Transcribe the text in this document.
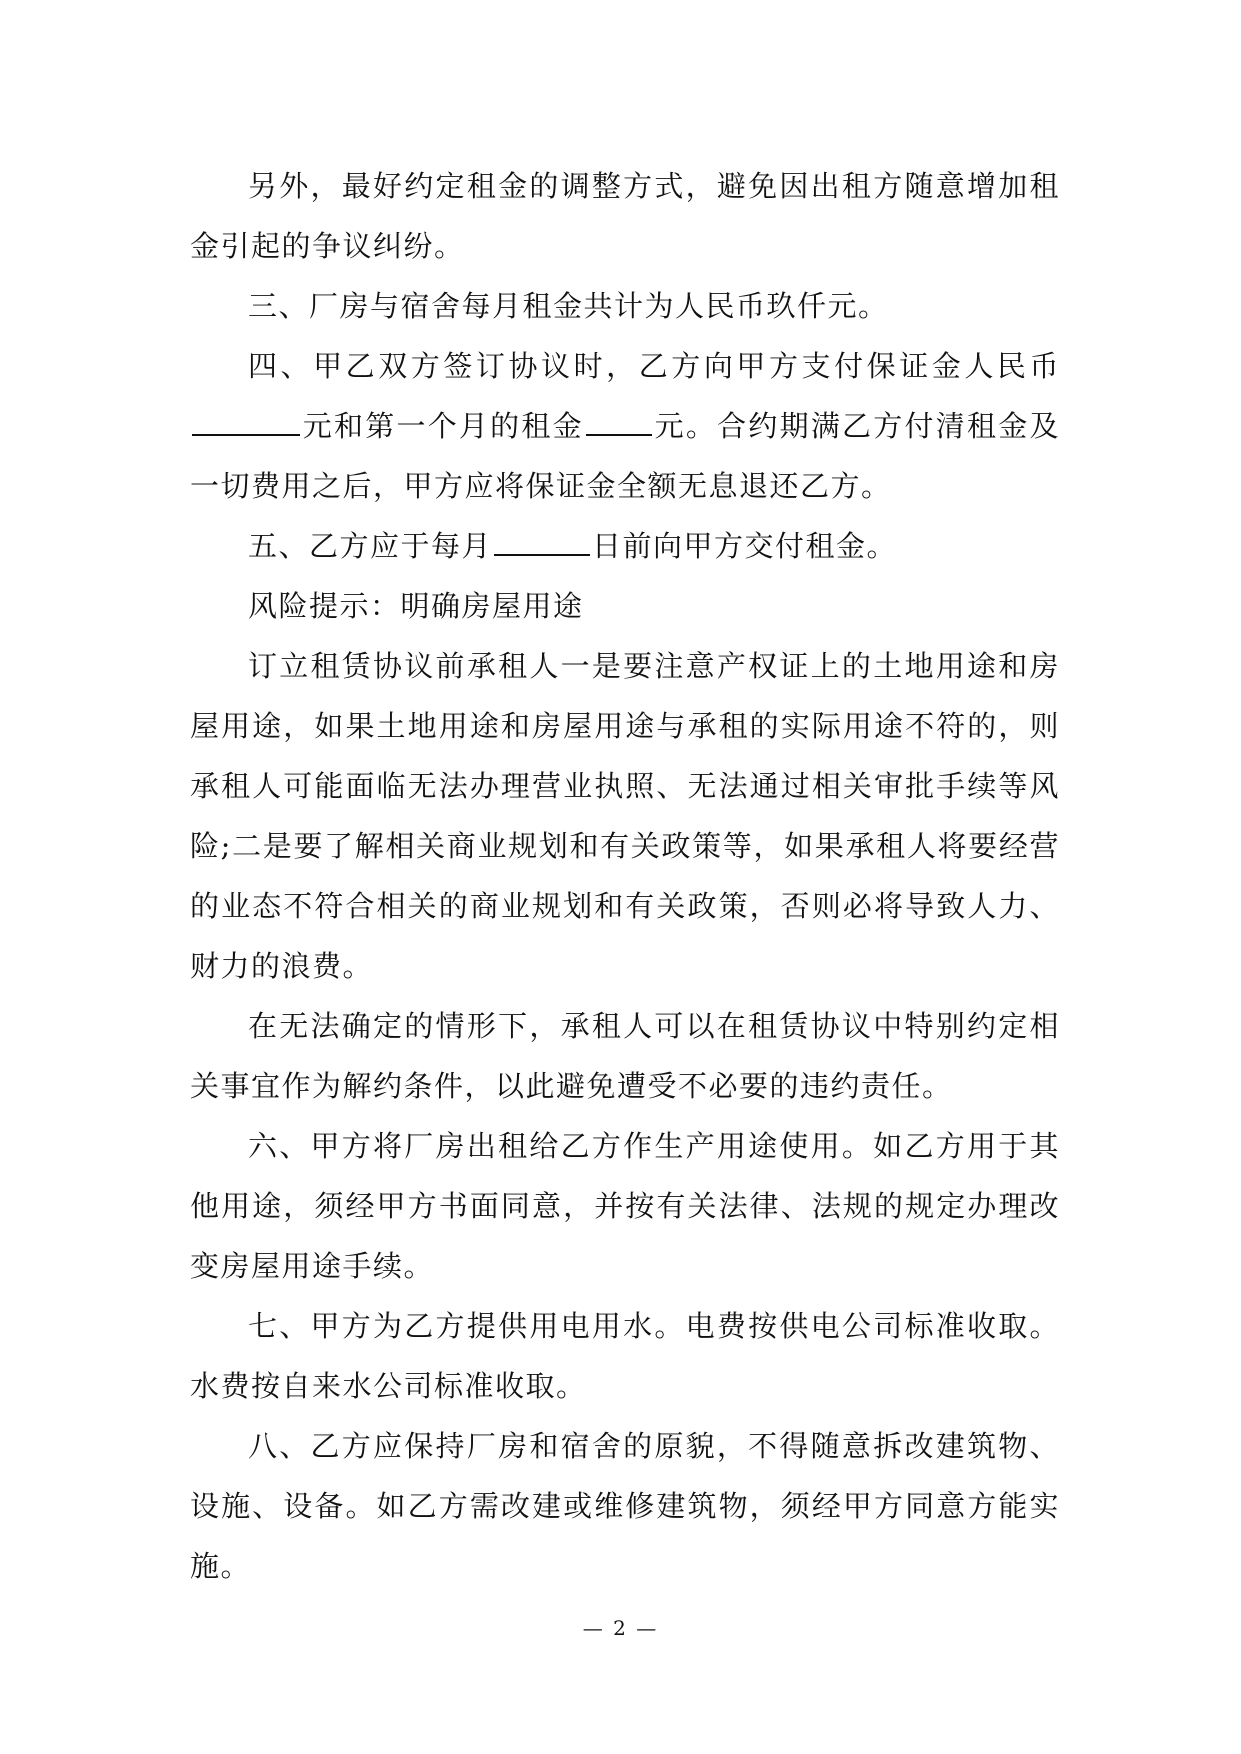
另外，最好约定租金的调整方式，避免因出租方随意增加租金引起的争议纠纷。

三、厂房与宿舍每月租金共计为人民币玖仟元。

四、甲乙双方签订协议时，乙方向甲方支付保证金人民币元和第一个月的租金 元。合约期满乙方付清租金及一切费用之后，甲方应将保证金全额无息退还乙方。

五、乙方应于每月	日前向甲方交付租金。

风险提示：明确房屋用途

订立租赁协议前承租人一是要注意产权证上的土地用途和房屋用途，如果土地用途和房屋用途与承租的实际用途不符的，则承租人可能面临无法办理营业执照、无法通过相关审批手续等风险;二是要了解相关商业规划和有关政策等，如果承租人将要经营的业态不符合相关的商业规划和有关政策，否则必将导致人力、财力的浪费。

在无法确定的情形下，承租人可以在租赁协议中特别约定相关事宜作为解约条件，以此避免遭受不必要的违约责任。

六、甲方将厂房出租给乙方作生产用途使用。如乙方用于其他用途，须经甲方书面同意，并按有关法律、法规的规定办理改变房屋用途手续。

七、甲方为乙方提供用电用水。电费按供电公司标准收取。水费按自来水公司标准收取。

八、乙方应保持厂房和宿舍的原貌，不得随意拆改建筑物、设施、设备。如乙方需改建或维修建筑物，须经甲方同意方能实施。

— 2 —
